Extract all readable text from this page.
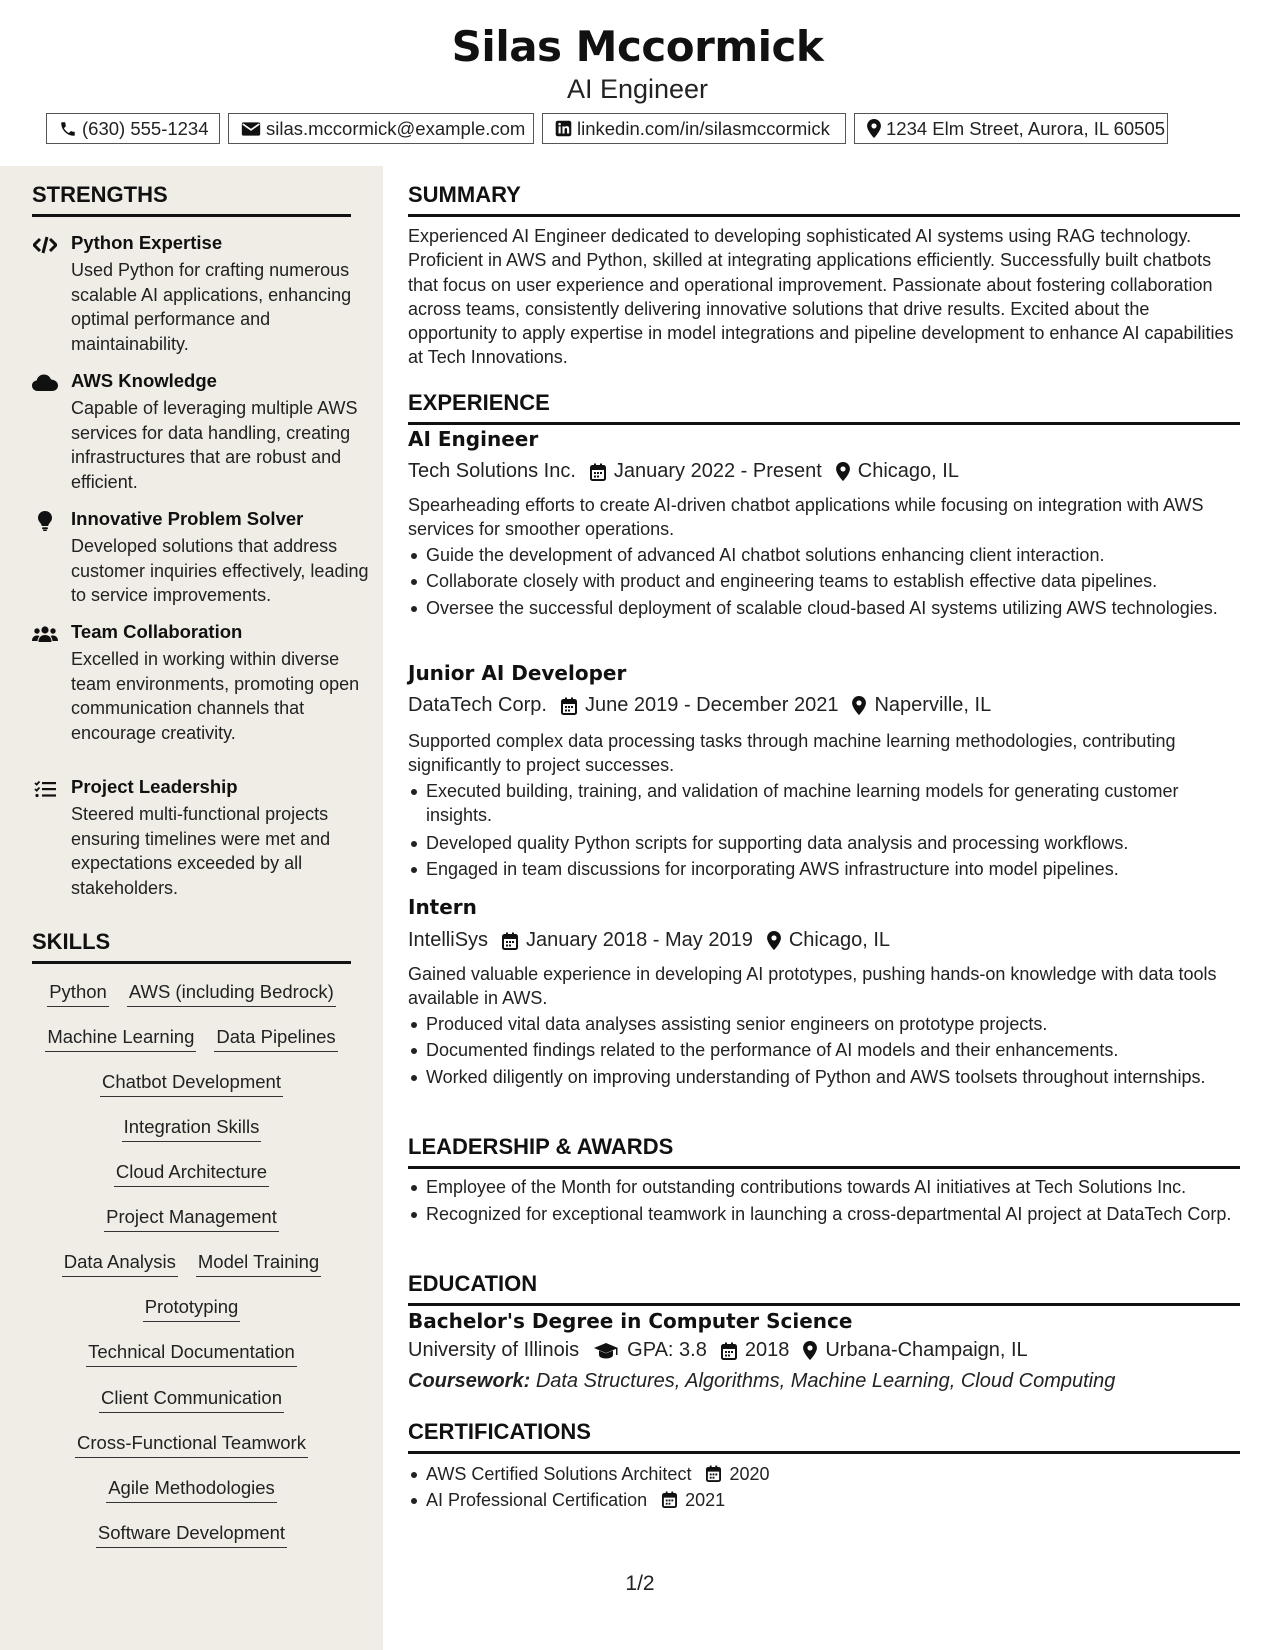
Silas Mccormick
AI Engineer
(630) 555-1234	silas.mccormick@example.com	linkedin.com/in/silasmccormick	1234 Elm Street, Aurora, IL 60505
STRENGTHS
Python Expertise
Used Python for crafting numerous scalable AI applications, enhancing optimal performance and maintainability.
AWS Knowledge
Capable of leveraging multiple AWS services for data handling, creating infrastructures that are robust and efficient.
Innovative Problem Solver
Developed solutions that address customer inquiries effectively, leading to service improvements.
Team Collaboration
Excelled in working within diverse team environments, promoting open communication channels that encourage creativity.
Project Leadership
Steered multi-functional projects ensuring timelines were met and expectations exceeded by all stakeholders.
SKILLS
Python AWS (including Bedrock)
Machine Learning Data Pipelines
Chatbot Development
Integration Skills
Cloud Architecture
Project Management
Data Analysis Model Training
Prototyping
Technical Documentation
Client Communication
Cross-Functional Teamwork
Agile Methodologies
Software Development
SUMMARY
Experienced AI Engineer dedicated to developing sophisticated AI systems using RAG technology. Proficient in AWS and Python, skilled at integrating applications efficiently. Successfully built chatbots that focus on user experience and operational improvement. Passionate about fostering collaboration across teams, consistently delivering innovative solutions that drive results. Excited about the opportunity to apply expertise in model integrations and pipeline development to enhance AI capabilities at Tech Innovations.
EXPERIENCE
AI Engineer
Tech Solutions Inc. January 2022 - Present Chicago, IL
Spearheading efforts to create AI-driven chatbot applications while focusing on integration with AWS services for smoother operations.
Guide the development of advanced AI chatbot solutions enhancing client interaction.
Collaborate closely with product and engineering teams to establish effective data pipelines.
Oversee the successful deployment of scalable cloud-based AI systems utilizing AWS technologies.
Junior AI Developer
DataTech Corp. June 2019 - December 2021 Naperville, IL
Supported complex data processing tasks through machine learning methodologies, contributing significantly to project successes.
Executed building, training, and validation of machine learning models for generating customer insights.
Developed quality Python scripts for supporting data analysis and processing workflows.
Engaged in team discussions for incorporating AWS infrastructure into model pipelines.
Intern
IntelliSys January 2018 - May 2019 Chicago, IL
Gained valuable experience in developing AI prototypes, pushing hands-on knowledge with data tools available in AWS.
Produced vital data analyses assisting senior engineers on prototype projects.
Documented findings related to the performance of AI models and their enhancements.
Worked diligently on improving understanding of Python and AWS toolsets throughout internships.
LEADERSHIP & AWARDS
Employee of the Month for outstanding contributions towards AI initiatives at Tech Solutions Inc.
Recognized for exceptional teamwork in launching a cross-departmental AI project at DataTech Corp.
EDUCATION
Bachelor's Degree in Computer Science
University of Illinois GPA: 3.8 2018 Urbana-Champaign, IL
Coursework: Data Structures, Algorithms, Machine Learning, Cloud Computing
CERTIFICATIONS
AWS Certified Solutions Architect 2020
AI Professional Certification 2021
1/2
